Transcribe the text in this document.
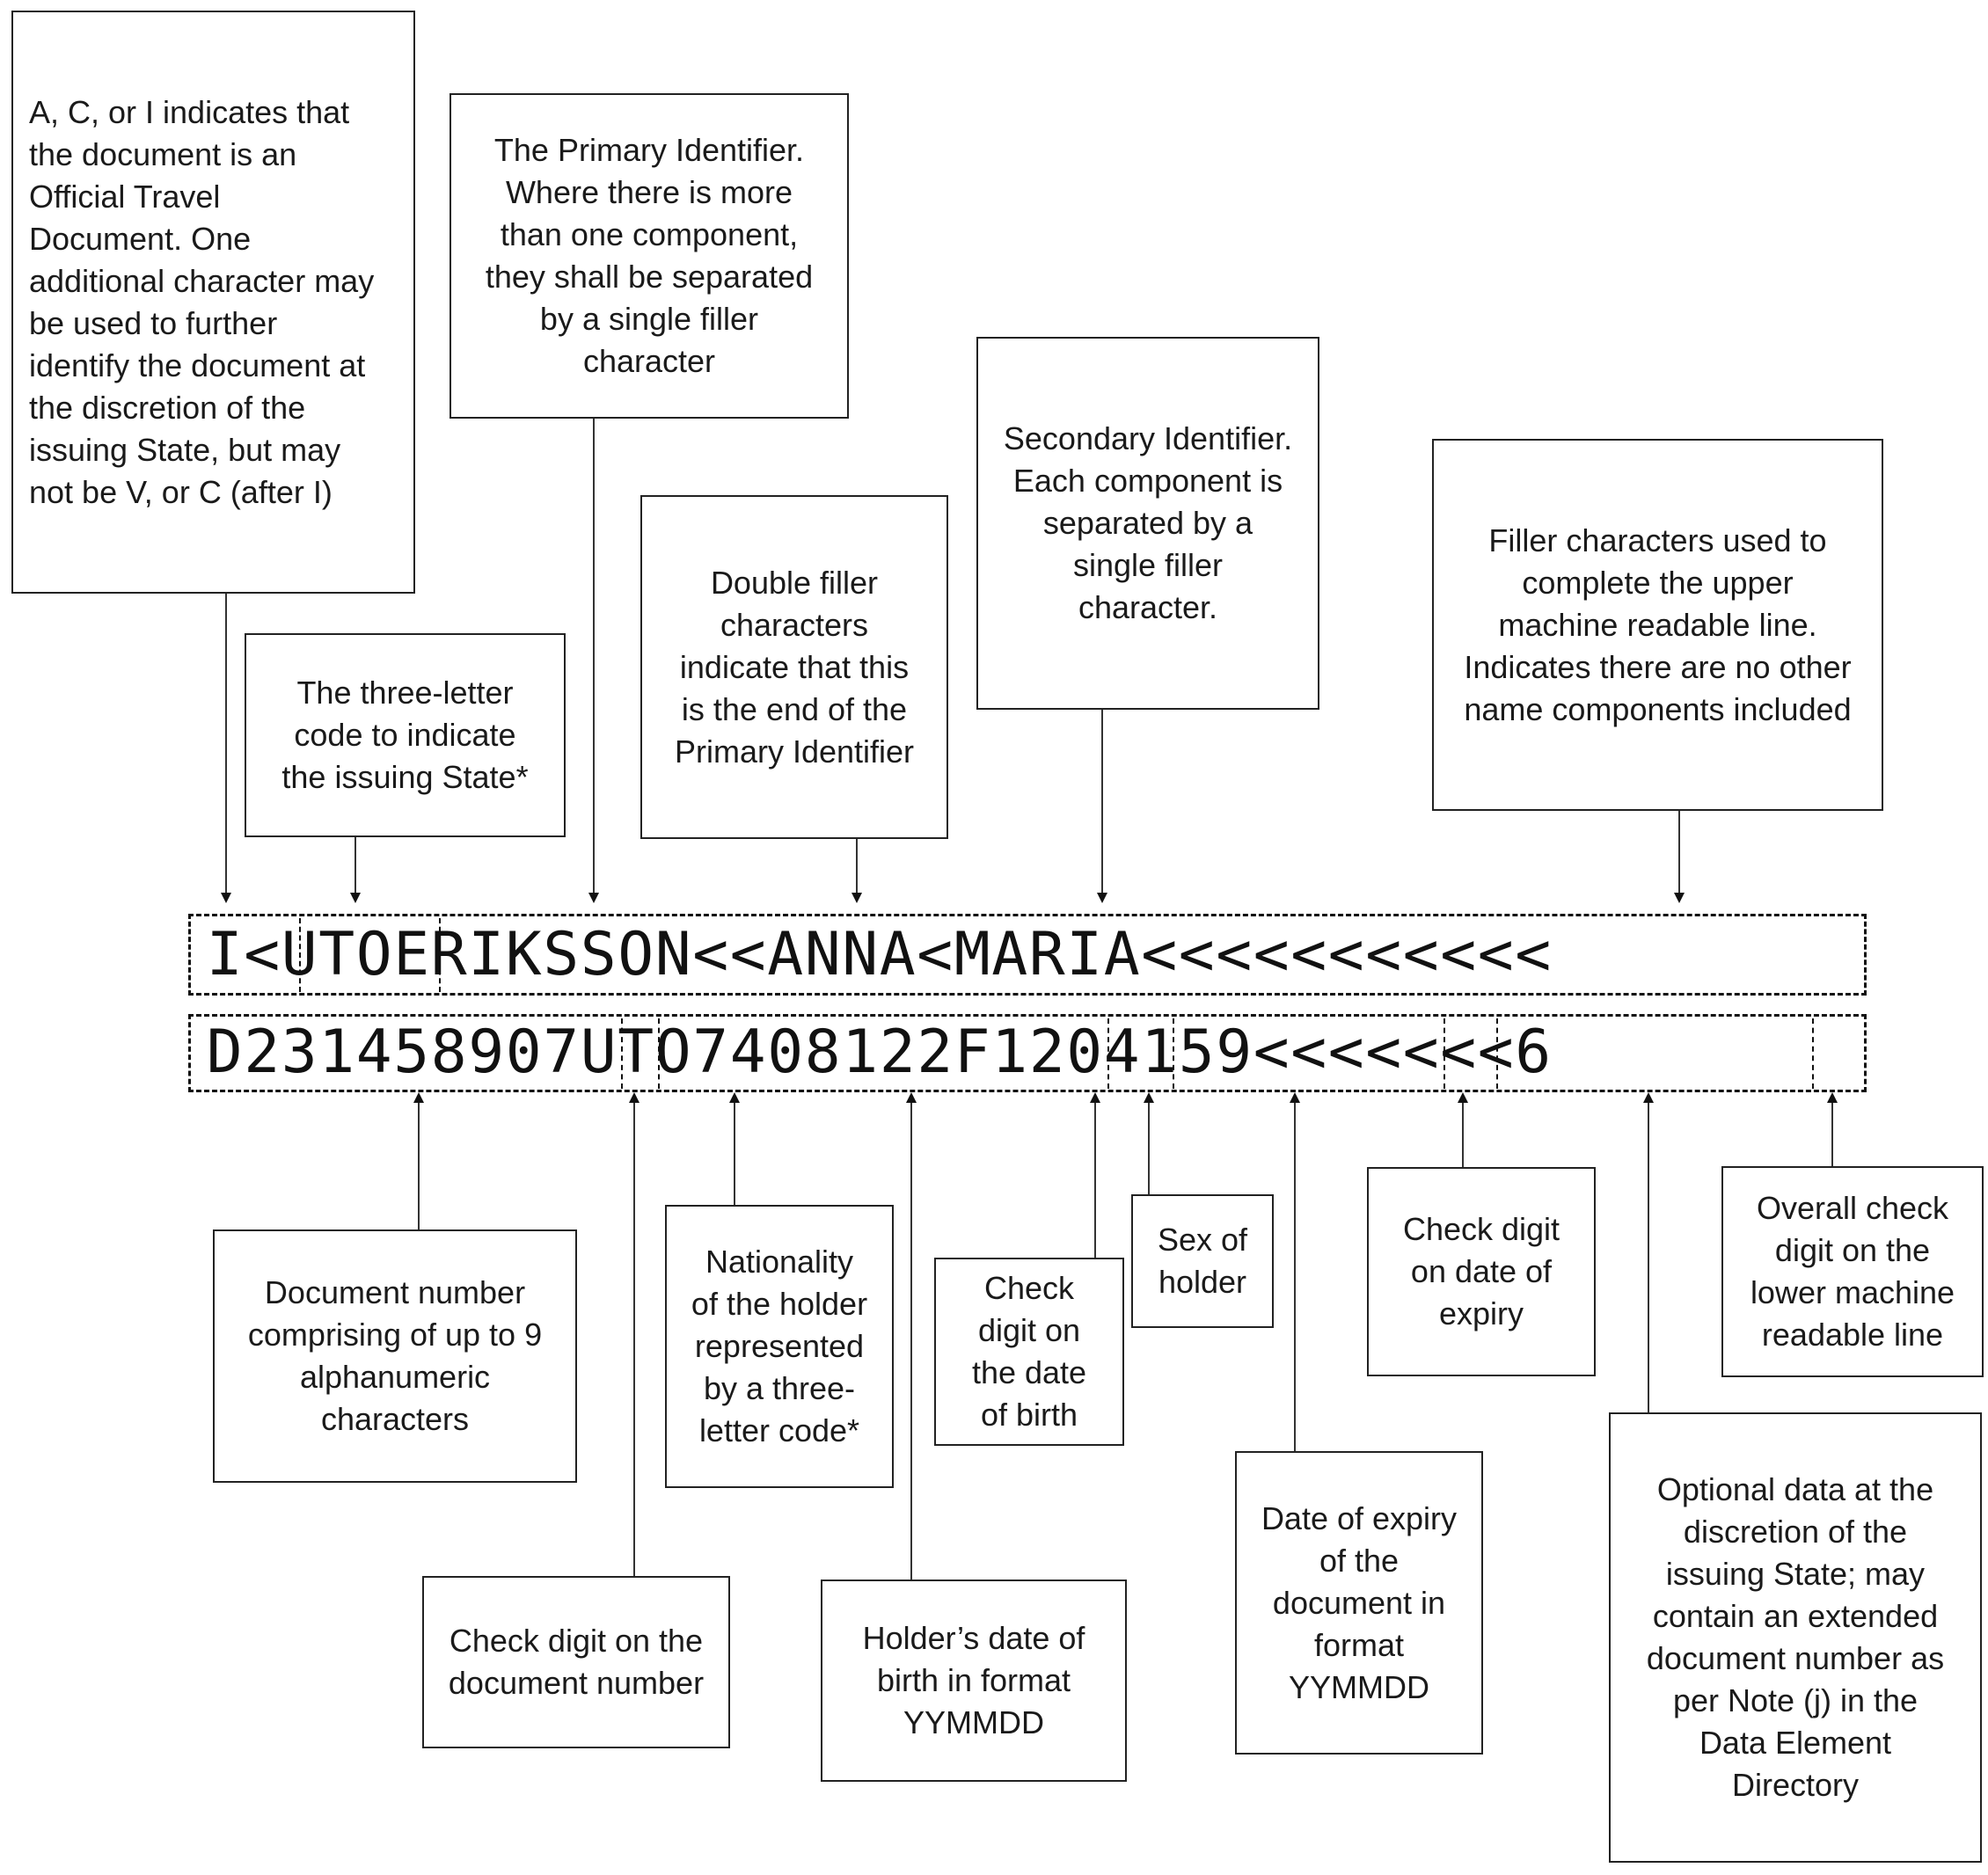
A, C, or I indicates that
the document is an
Official Travel
Document. One
additional character may
be used to further
identify the document at
the discretion of the
issuing State, but may
not be V, or C (after I)
The Primary Identifier.
Where there is more
than one component,
they shall be separated
by a single filler
character
The three-letter
code to indicate
the issuing State*
Double filler
characters
indicate that this
is the end of the
Primary Identifier
Secondary Identifier.
Each component is
separated by a
single filler
character.
Filler characters used to
complete the upper
machine readable line.
Indicates there are no other
name components included
I < U T O E R I K S S O N < < A N N A < M A R I A < < < < < < < < < < <
D 2 3 1 4 5 8 9 0 7 U T O 7 4 0 8 1 2 2 F 1 2 0 4 1 5 9 < < < < < < < 6
Document number
comprising of up to 9
alphanumeric
characters
Check digit on the
document number
Nationality
of the holder
represented
by a three-
letter code*
Holder’s date of
birth in format
YYMMDD
Check
digit on
the date
of birth
Sex of
holder
Date of expiry
of the
document in
format
YYMMDD
Check digit
on date of
expiry
Optional data at the
discretion of the
issuing State; may
contain an extended
document number as
per Note (j) in the
Data Element
Directory
Overall check
digit on the
lower machine
readable line
